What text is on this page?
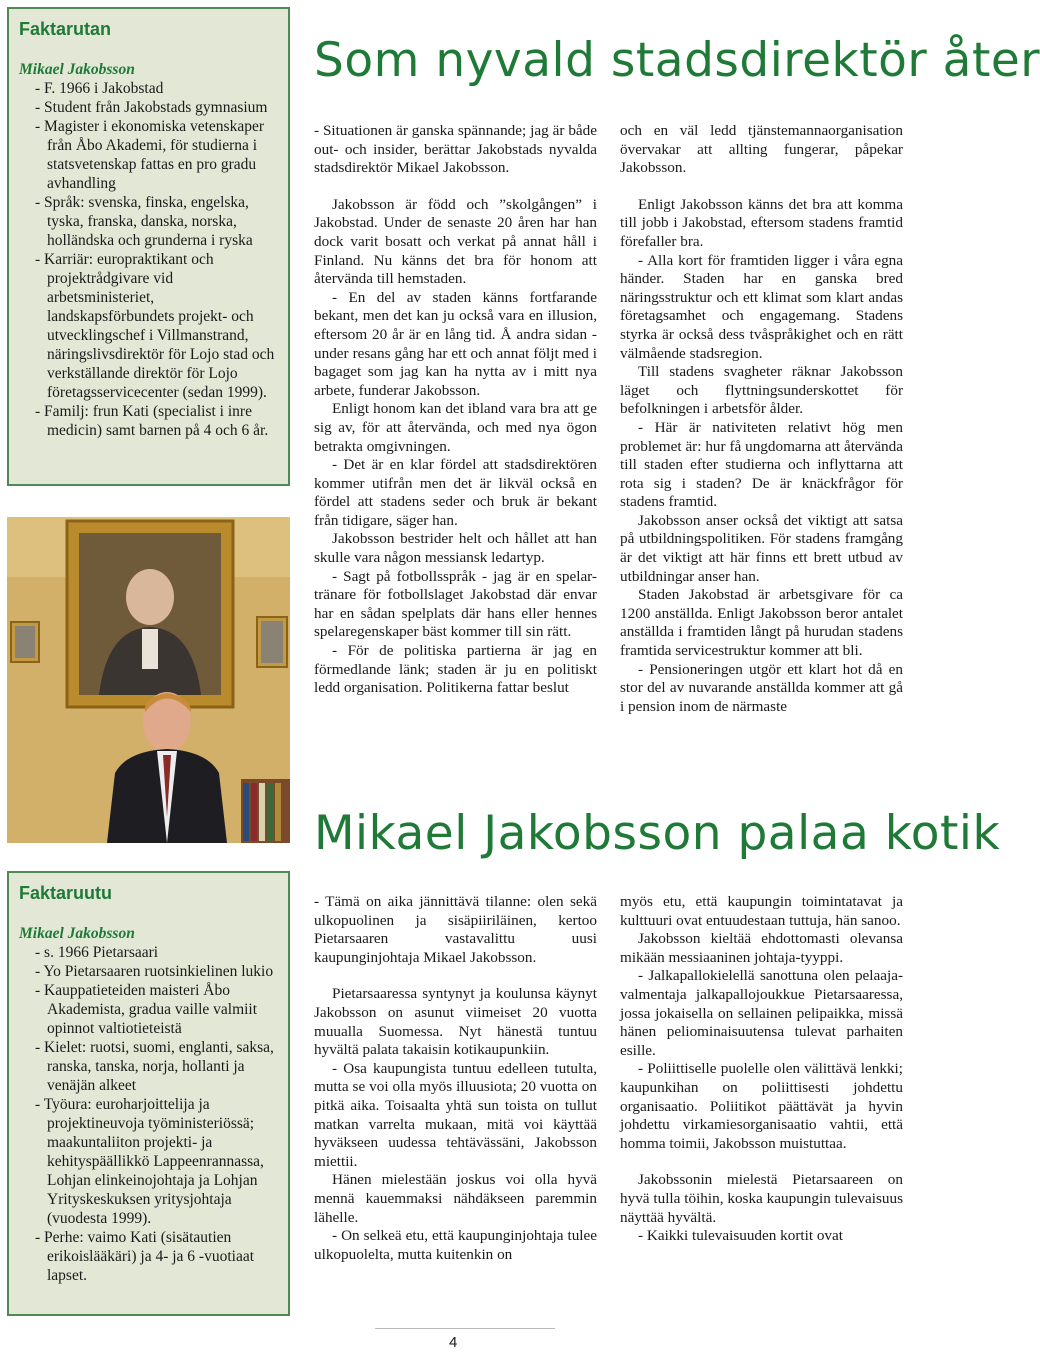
Faktarutan
Mikael Jakobsson
- F. 1966 i Jakobstad
- Student från Jakobstads gymnasium
- Magister i ekonomiska vetenskaper från Åbo Akademi, för studierna i statsvetenskap fattas en pro gradu avhandling
- Språk: svenska, finska, engelska, tyska, franska, danska, norska, holländska och grunderna i ryska
- Karriär: europraktikant och projektrådgivare vid arbetsministeriet, landskapsförbundets projekt- och utvecklingschef i Villmanstrand, näringslivsdirektör för Lojo stad och verkställande direktör för Lojo företagsservicecenter (sedan 1999).
- Familj: frun Kati (specialist i inre medicin) samt barnen på 4 och 6 år.
Som nyvald stadsdirektör åter

- Situationen är ganska spännande; jag är både out- och insider, berättar Jakobstads nyvalda stadsdirektör Mikael Jakobsson.

Jakobsson är född och ”skolgången” i Jakobstad. Under de senaste 20 åren har han dock varit bosatt och verkat på annat håll i Finland. Nu känns det bra för honom att återvända till hemstaden.

- En del av staden känns fortfarande bekant, men det kan ju också vara en illusion, eftersom 20 år är en lång tid. Å andra sidan - under resans gång har ett och annat följt med i bagaget som jag kan ha nytta av i mitt nya arbete, funderar Jakobsson.

Enligt honom kan det ibland vara bra att ge sig av, för att återvända, och med nya ögon betrakta omgivningen.

- Det är en klar fördel att stadsdirektören kommer utifrån men det är likväl också en fördel att stadens seder och bruk är bekant från tidigare, säger han.

Jakobsson bestrider helt och hållet att han skulle vara någon messiansk ledartyp.

- Sagt på fotbollsspråk - jag är en spelar-tränare för fotbollslaget Jakobstad där envar har en sådan spelplats där hans eller hennes spelaregenskaper bäst kommer till sin rätt.

- För de politiska partierna är jag en förmedlande länk; staden är ju en politiskt ledd organisation. Politikerna fattar beslut

och en väl ledd tjänstemannaorganisation övervakar att allting fungerar, påpekar Jakobsson.

Enligt Jakobsson känns det bra att komma till jobb i Jakobstad, eftersom stadens framtid förefaller bra.

- Alla kort för framtiden ligger i våra egna händer. Staden har en ganska bred näringsstruktur och ett klimat som klart andas företagsamhet och engagemang. Stadens styrka är också dess tvåspråkighet och en rätt välmående stadsregion.

Till stadens svagheter räknar Jakobsson läget och flyttningsunderskottet för befolkningen i arbetsför ålder.

- Här är nativiteten relativt hög men problemet är: hur få ungdomarna att återvända till staden efter studierna och inflyttarna att rota sig i staden? De är knäckfrågor för stadens framtid.

Jakobsson anser också det viktigt att satsa på utbildningspolitiken. För stadens framgång är det viktigt att här finns ett brett utbud av utbildningar anser han.

Staden Jakobstad är arbetsgivare för ca 1200 anställda. Enligt Jakobsson beror antalet anställda i framtiden långt på hurudan stadens framtida servicestruktur kommer att bli.

- Pensioneringen utgör ett klart hot då en stor del av nuvarande anställda kommer att gå i pension inom de närmaste

Mikael Jakobsson palaa kotik
Faktaruutu
Mikael Jakobsson
- s. 1966 Pietarsaari
- Yo Pietarsaaren ruotsinkielinen lukio
- Kauppatieteiden maisteri Åbo Akademista, gradua vaille valmiit opinnot valtiotieteistä
- Kielet: ruotsi, suomi, englanti, saksa, ranska, tanska, norja, hollanti ja venäjän alkeet
- Työura: euroharjoittelija ja projektineuvoja työministeriössä; maakuntaliiton projekti- ja kehityspäällikkö Lappeenrannassa, Lohjan elinkeinojohtaja ja Lohjan Yrityskeskuksen yritysjohtaja (vuodesta 1999).
- Perhe: vaimo Kati (sisätautien erikoislääkäri) ja 4- ja 6 -vuotiaat lapset.

- Tämä on aika jännittävä tilanne: olen sekä ulkopuolinen ja sisäpiiriläinen, kertoo Pietarsaaren vastavalittu uusi kaupunginjohtaja Mikael Jakobsson.

Pietarsaaressa syntynyt ja koulunsa käynyt Jakobsson on asunut viimeiset 20 vuotta muualla Suomessa. Nyt hänestä tuntuu hyvältä palata takaisin kotikaupunkiin.

- Osa kaupungista tuntuu edelleen tutulta, mutta se voi olla myös illuusiota; 20 vuotta on pitkä aika. Toisaalta yhtä sun toista on tullut matkan varrelta mukaan, mitä voi käyttää hyväkseen uudessa tehtävässäni, Jakobsson miettii.

Hänen mielestään joskus voi olla hyvä mennä kauemmaksi nähdäkseen paremmin lähelle.

- On selkeä etu, että kaupunginjohtaja tulee ulkopuolelta, mutta kuitenkin on

myös etu, että kaupungin toimintatavat ja kulttuuri ovat entuudestaan tuttuja, hän sanoo.

Jakobsson kieltää ehdottomasti olevansa mikään messiaaninen johtaja-tyyppi.

- Jalkapallokielellä sanottuna olen pelaaja-valmentaja jalkapallojoukkue Pietarsaaressa, jossa jokaisella on sellainen pelipaikka, missä hänen peliominaisuutensa tulevat parhaiten esille.

- Poliittiselle puolelle olen välittävä lenkki; kaupunkihan on poliittisesti johdettu organisaatio. Poliitikot päättävät ja hyvin johdettu virkamiesorganisaatio vahtii, että homma toimii, Jakobsson muistuttaa.

Jakobssonin mielestä Pietarsaareen on hyvä tulla töihin, koska kaupungin tulevaisuus näyttää hyvältä.

- Kaikki tulevaisuuden kortit ovat

4
